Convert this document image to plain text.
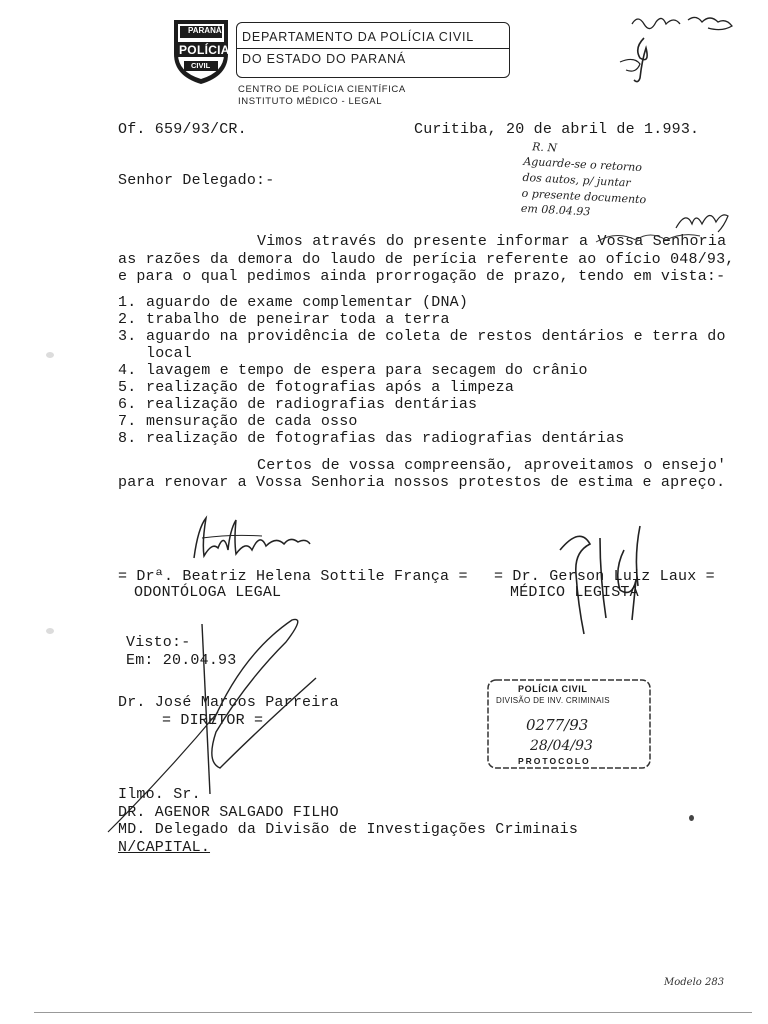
PARANÁ
POLÍCIA
CIVIL
DEPARTAMENTO DA POLÍCIA CIVIL
DO ESTADO DO PARANÁ
CENTRO DE POLÍCIA CIENTÍFICA
INSTITUTO MÉDICO - LEGAL
Of. 659/93/CR.	Curitiba, 20 de abril de 1.993.
R. N
Aguarde-se o retorno
dos autos, p/ juntar
o presente documento
em 08.04.93
Senhor Delegado:-
Vimos através do presente informar a Vossa Senhoria
as razões da demora do laudo de perícia referente ao ofício 048/93,
e para o qual pedimos ainda prorrogação de prazo, tendo em vista:-
1. aguardo de exame complementar (DNA)
2. trabalho de peneirar toda a terra
3. aguardo na providência de coleta de restos dentários e terra do
local
4. lavagem e tempo de espera para secagem do crânio
5. realização de fotografias após a limpeza
6. realização de radiografias dentárias
7. mensuração de cada osso
8. realização de fotografias das radiografias dentárias
Certos de vossa compreensão, aproveitamos o ensejo'
para renovar a Vossa Senhoria nossos protestos de estima e apreço.
= Drª. Beatriz Helena Sottile França =
ODONTÓLOGA LEGAL
= Dr. Gerson Luiz Laux =
MÉDICO LEGISTA
Visto:-
Em: 20.04.93
Dr. José Marcos Parreira
= DIRETOR =
POLÍCIA CIVIL
DIVISÃO DE INV. CRIMINAIS
0277/93
28/04/93
PROTOCOLO
Ilmo. Sr.
DR. AGENOR SALGADO FILHO
MD. Delegado da Divisão de Investigações Criminais
N/CAPITAL.
Modelo 283
